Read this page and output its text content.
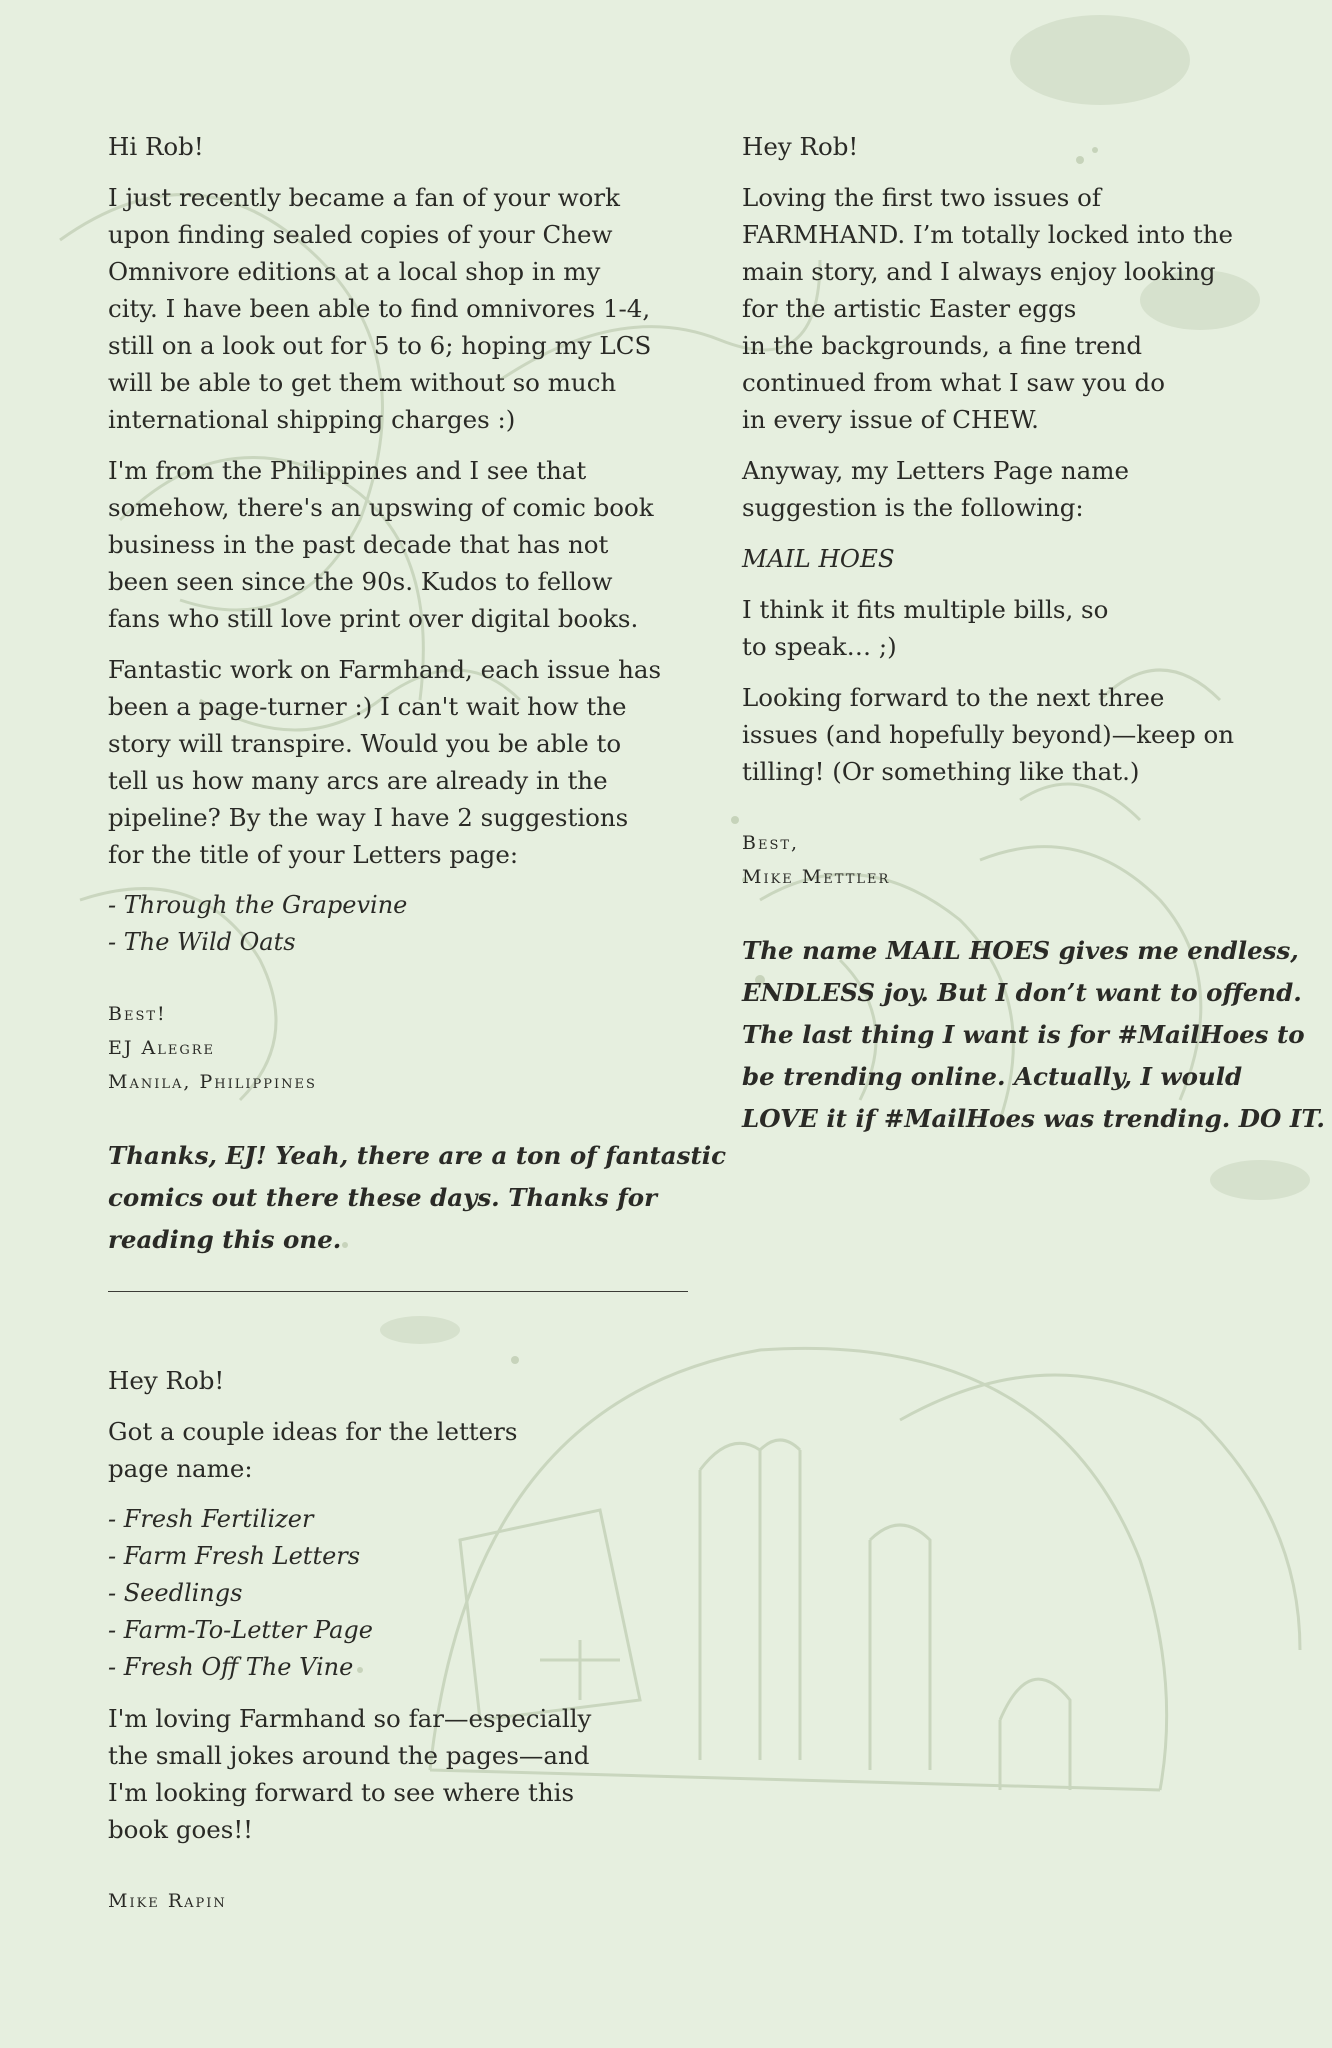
Hi Rob!

I just recently became a fan of your work
upon finding sealed copies of your Chew
Omnivore editions at a local shop in my
city. I have been able to find omnivores 1-4,
still on a look out for 5 to 6; hoping my LCS
will be able to get them without so much
international shipping charges :)

I'm from the Philippines and I see that
somehow, there's an upswing of comic book
business in the past decade that has not
been seen since the 90s. Kudos to fellow
fans who still love print over digital books.

Fantastic work on Farmhand, each issue has
been a page-turner :) I can't wait how the
story will transpire. Would you be able to
tell us how many arcs are already in the
pipeline? By the way I have 2 suggestions
for the title of your Letters page:

- Through the Grapevine
- The Wild Oats
Best!
EJ Alegre
Manila, Philippines

Thanks, EJ! Yeah, there are a ton of fantastic
comics out there these days. Thanks for
reading this one.

Hey Rob!

Loving the first two issues of
FARMHAND. I’m totally locked into the
main story, and I always enjoy looking
for the artistic Easter eggs
in the backgrounds, a fine trend
continued from what I saw you do
in every issue of CHEW.

Anyway, my Letters Page name
suggestion is the following:

MAIL HOES

I think it fits multiple bills, so
to speak… ;)

Looking forward to the next three
issues (and hopefully beyond)—keep on
tilling! (Or something like that.)

Best,
Mike Mettler

The name MAIL HOES gives me endless,
ENDLESS joy. But I don’t want to offend.
The last thing I want is for #MailHoes to
be trending online. Actually, I would
LOVE it if #MailHoes was trending. DO IT.

Hey Rob!

Got a couple ideas for the letters
page name:

- Fresh Fertilizer
- Farm Fresh Letters
- Seedlings
- Farm-To-Letter Page
- Fresh Off The Vine

I'm loving Farmhand so far—especially
the small jokes around the pages—and
I'm looking forward to see where this
book goes!!

Mike Rapin
